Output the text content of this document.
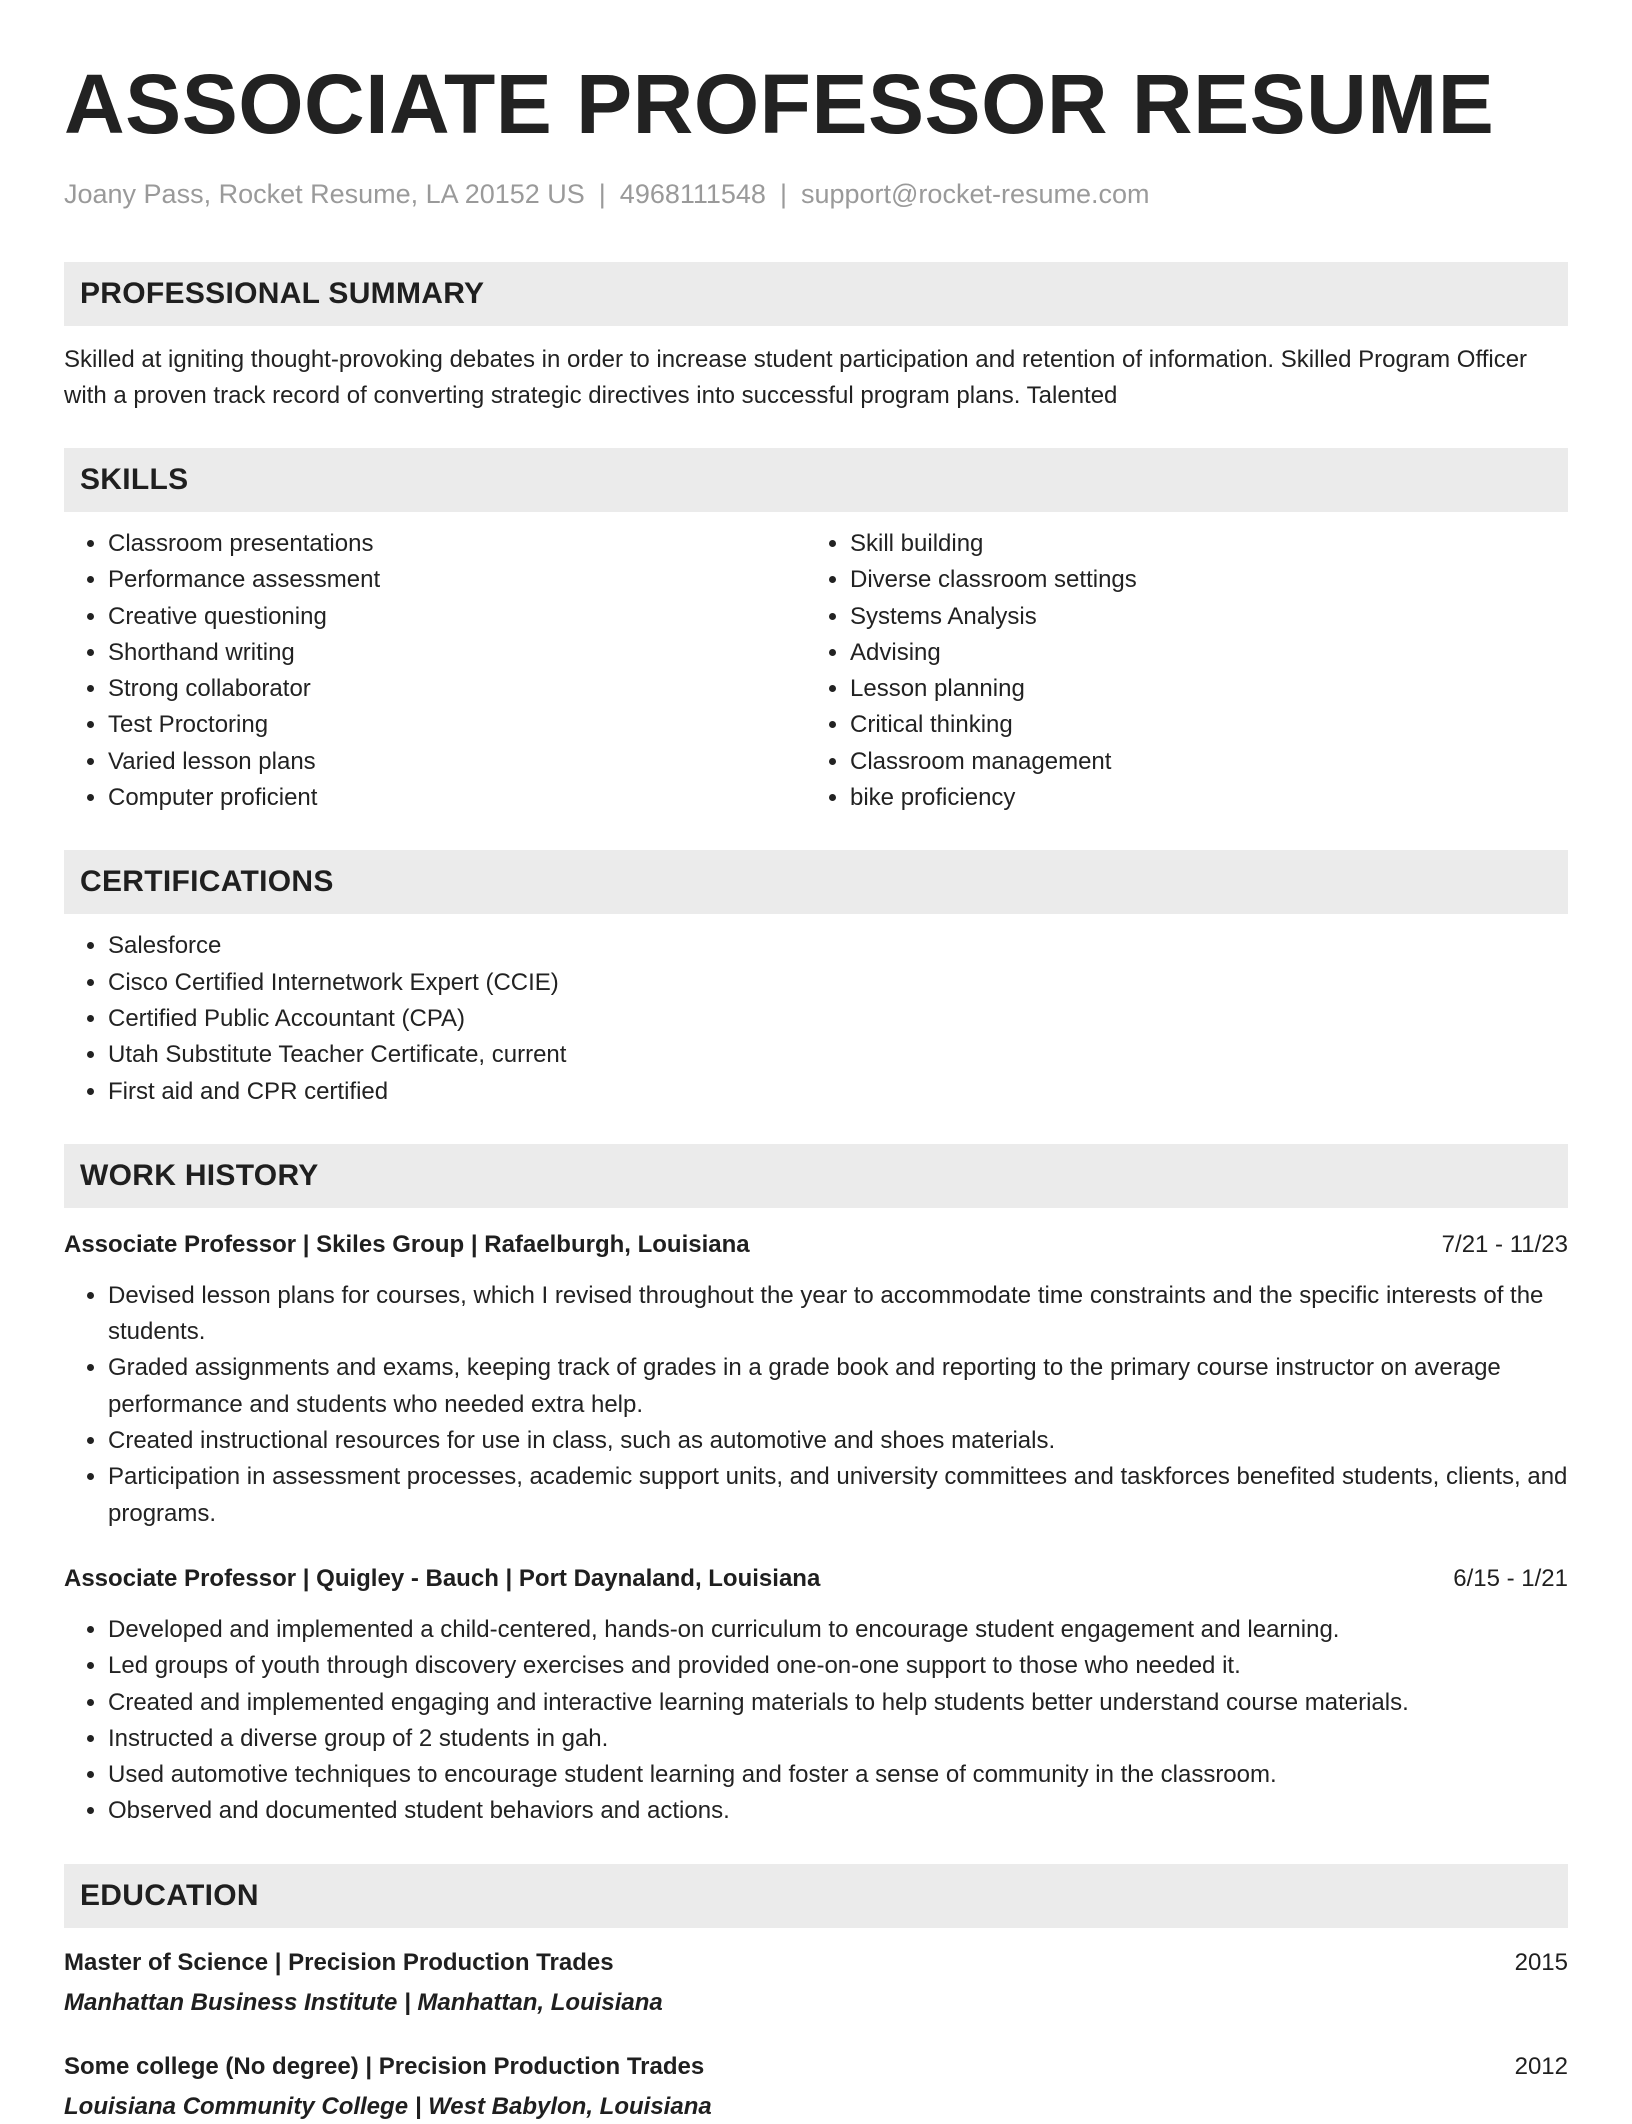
ASSOCIATE PROFESSOR RESUME
Joany Pass, Rocket Resume, LA 20152 US | 4968111548 | support@rocket-resume.com
PROFESSIONAL SUMMARY
Skilled at igniting thought-provoking debates in order to increase student participation and retention of information. Skilled Program Officer with a proven track record of converting strategic directives into successful program plans. Talented
SKILLS
• Classroom presentations
• Performance assessment
• Creative questioning
• Shorthand writing
• Strong collaborator
• Test Proctoring
• Varied lesson plans
• Computer proficient
• Skill building
• Diverse classroom settings
• Systems Analysis
• Advising
• Lesson planning
• Critical thinking
• Classroom management
• bike proficiency
CERTIFICATIONS
• Salesforce
• Cisco Certified Internetwork Expert (CCIE)
• Certified Public Accountant (CPA)
• Utah Substitute Teacher Certificate, current
• First aid and CPR certified
WORK HISTORY
Associate Professor | Skiles Group | Rafaelburgh, Louisiana	7/21 - 11/23
• Devised lesson plans for courses, which I revised throughout the year to accommodate time constraints and the specific interests of the students.
• Graded assignments and exams, keeping track of grades in a grade book and reporting to the primary course instructor on average performance and students who needed extra help.
• Created instructional resources for use in class, such as automotive and shoes materials.
• Participation in assessment processes, academic support units, and university committees and taskforces benefited students, clients, and programs.
Associate Professor | Quigley - Bauch | Port Daynaland, Louisiana	6/15 - 1/21
• Developed and implemented a child-centered, hands-on curriculum to encourage student engagement and learning.
• Led groups of youth through discovery exercises and provided one-on-one support to those who needed it.
• Created and implemented engaging and interactive learning materials to help students better understand course materials.
• Instructed a diverse group of 2 students in gah.
• Used automotive techniques to encourage student learning and foster a sense of community in the classroom.
• Observed and documented student behaviors and actions.
EDUCATION
Master of Science | Precision Production Trades	2015
Manhattan Business Institute | Manhattan, Louisiana
Some college (No degree) | Precision Production Trades	2012
Louisiana Community College | West Babylon, Louisiana
